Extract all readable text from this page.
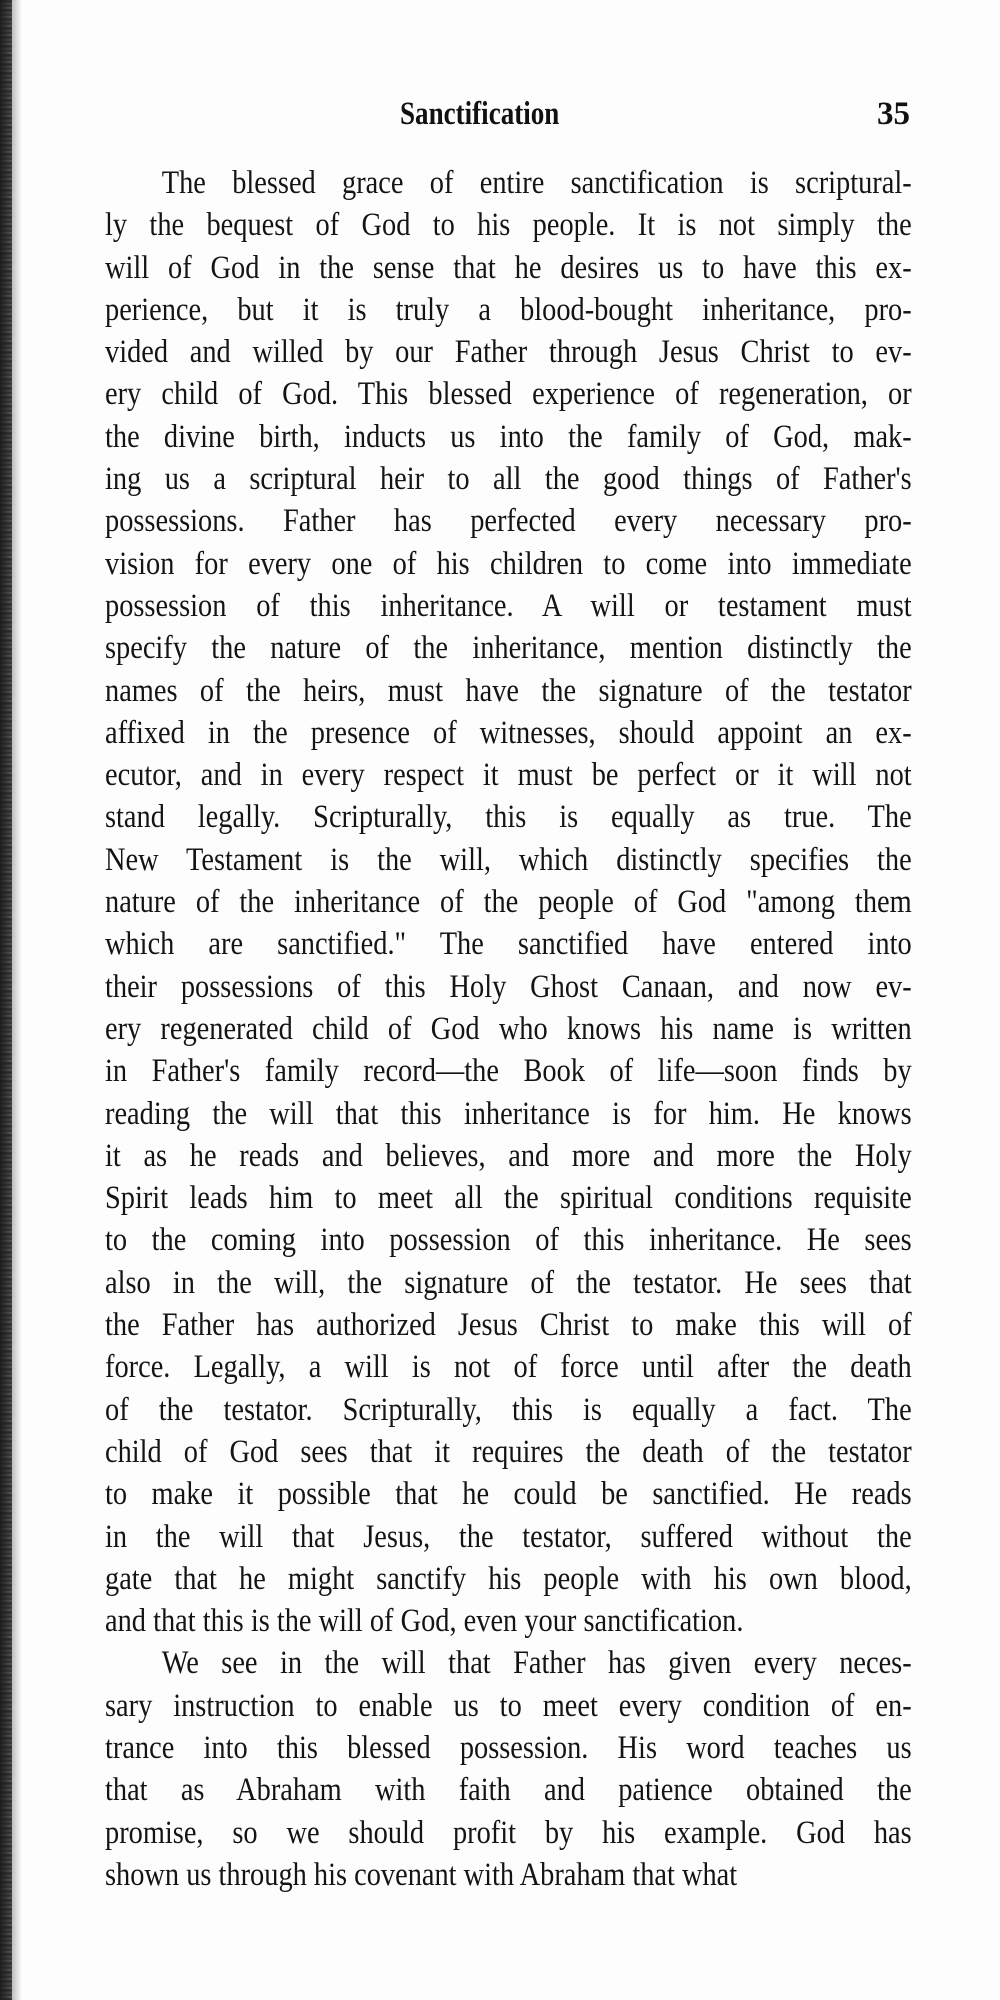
Sanctification	35
The blessed grace of entire sanctification is scriptural-
ly the bequest of God to his people. It is not simply the
will of God in the sense that he desires us to have this ex-
perience, but it is truly a blood-bought inheritance, pro-
vided and willed by our Father through Jesus Christ to ev-
ery child of God. This blessed experience of regeneration, or
the divine birth, inducts us into the family of God, mak-
ing us a scriptural heir to all the good things of Father's
possessions. Father has perfected every necessary pro-
vision for every one of his children to come into immediate
possession of this inheritance. A will or testament must
specify the nature of the inheritance, mention distinctly the
names of the heirs, must have the signature of the testator
affixed in the presence of witnesses, should appoint an ex-
ecutor, and in every respect it must be perfect or it will not
stand legally. Scripturally, this is equally as true. The
New Testament is the will, which distinctly specifies the
nature of the inheritance of the people of God "among them
which are sanctified." The sanctified have entered into
their possessions of this Holy Ghost Canaan, and now ev-
ery regenerated child of God who knows his name is written
in Father's family record—the Book of life—soon finds by
reading the will that this inheritance is for him. He knows
it as he reads and believes, and more and more the Holy
Spirit leads him to meet all the spiritual conditions requisite
to the coming into possession of this inheritance. He sees
also in the will, the signature of the testator. He sees that
the Father has authorized Jesus Christ to make this will of
force. Legally, a will is not of force until after the death
of the testator. Scripturally, this is equally a fact. The
child of God sees that it requires the death of the testator
to make it possible that he could be sanctified. He reads
in the will that Jesus, the testator, suffered without the
gate that he might sanctify his people with his own blood,
and that this is the will of God, even your sanctification.
We see in the will that Father has given every neces-
sary instruction to enable us to meet every condition of en-
trance into this blessed possession. His word teaches us
that as Abraham with faith and patience obtained the
promise, so we should profit by his example. God has
shown us through his covenant with Abraham that what
